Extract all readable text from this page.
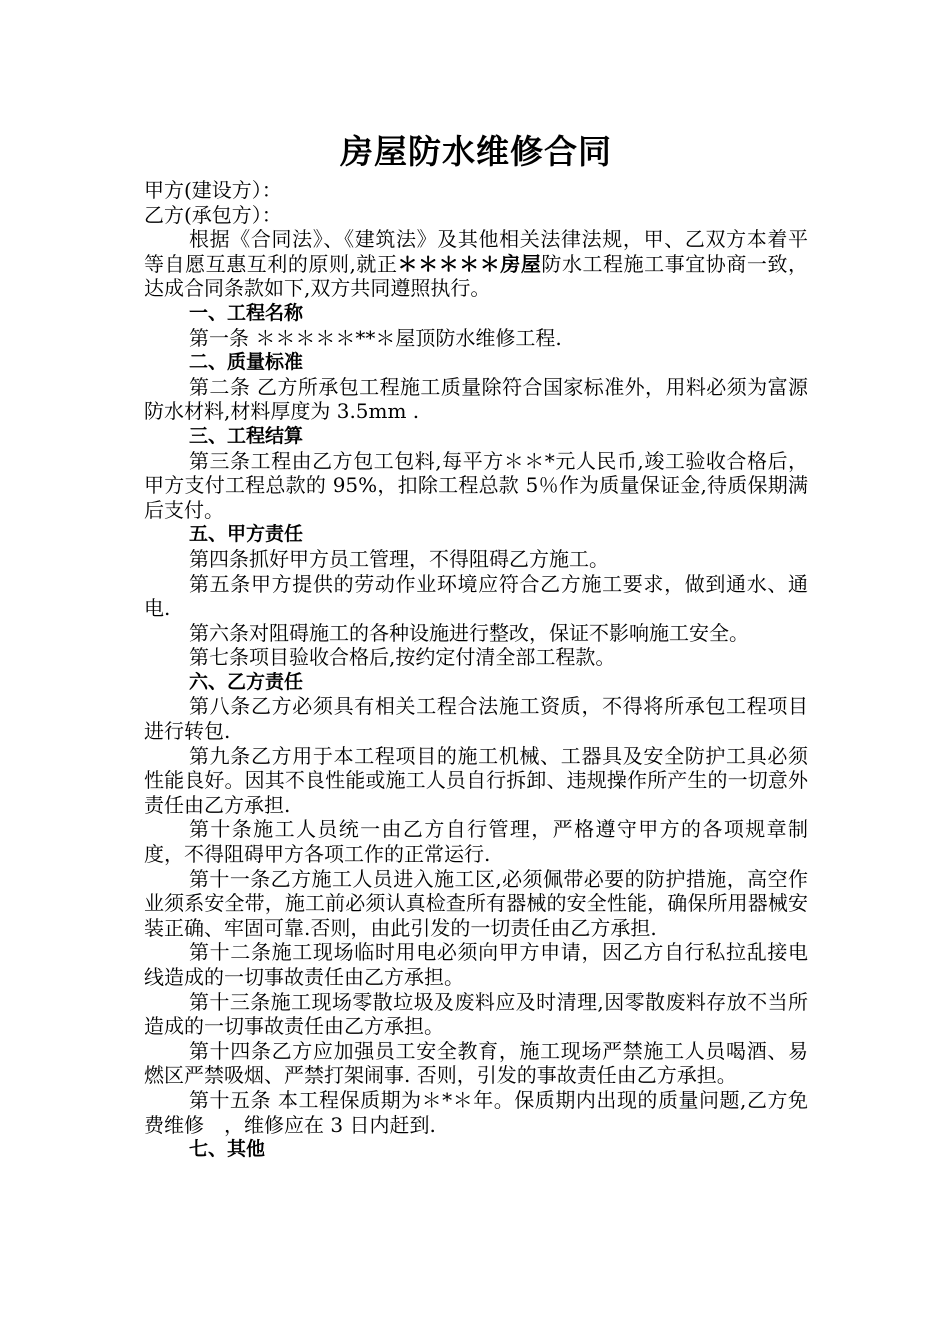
房屋防水维修合同

甲方(建设方）：

乙方(承包方）：

根据《合同法》、《建筑法》及其他相关法律法规，甲、乙双方本着平等自愿互惠互利的原则,就正＊＊＊＊＊房屋防水工程施工事宜协商一致，达成合同条款如下,双方共同遵照执行。

一、工程名称

第一条 ＊＊＊＊＊**＊屋顶防水维修工程.

二、质量标准

第二条 乙方所承包工程施工质量除符合国家标准外，用料必须为富源防水材料,材料厚度为 3.5mm .

三、工程结算

第三条工程由乙方包工包料,每平方＊＊*元人民币,竣工验收合格后，甲方支付工程总款的 95%，扣除工程总款 5％作为质量保证金,待质保期满后支付。

五、甲方责任

第四条抓好甲方员工管理，不得阻碍乙方施工。

第五条甲方提供的劳动作业环境应符合乙方施工要求，做到通水、通电.

第六条对阻碍施工的各种设施进行整改，保证不影响施工安全。

第七条项目验收合格后,按约定付清全部工程款。

六、乙方责任

第八条乙方必须具有相关工程合法施工资质，不得将所承包工程项目进行转包.

第九条乙方用于本工程项目的施工机械、工器具及安全防护工具必须性能良好。因其不良性能或施工人员自行拆卸、违规操作所产生的一切意外责任由乙方承担.

第十条施工人员统一由乙方自行管理，严格遵守甲方的各项规章制度，不得阻碍甲方各项工作的正常运行.

第十一条乙方施工人员进入施工区,必须佩带必要的防护措施，高空作业须系安全带，施工前必须认真检查所有器械的安全性能，确保所用器械安装正确、牢固可靠.否则，由此引发的一切责任由乙方承担.

第十二条施工现场临时用电必须向甲方申请，因乙方自行私拉乱接电线造成的一切事故责任由乙方承担。

第十三条施工现场零散垃圾及废料应及时清理,因零散废料存放不当所造成的一切事故责任由乙方承担。

第十四条乙方应加强员工安全教育，施工现场严禁施工人员喝酒、易燃区严禁吸烟、严禁打架闹事. 否则，引发的事故责任由乙方承担。

第十五条 本工程保质期为＊*＊年。保质期内出现的质量问题,乙方免费维修　，维修应在 3 日内赶到.

七、其他
